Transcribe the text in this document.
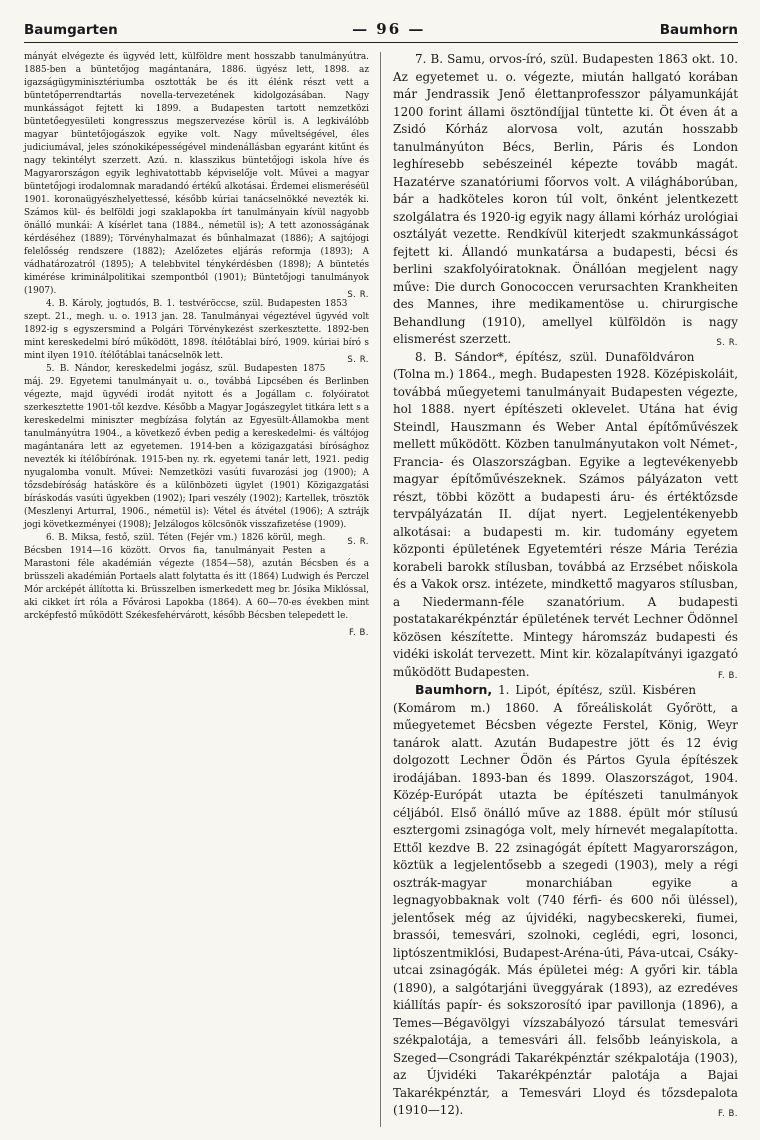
Baumgarten	— 96 —	Baumhorn

mányát elvégezte és ügyvéd lett, külföldre ment hosszabb tanulmányútra. 1885-ben a büntetőjog magántanára, 1886. ügyész lett, 1898. az igazságügyminisztériumba osztották be és itt élénk részt vett a büntetőperrendtartás novella-tervezetének kidolgozásában. Nagy munkásságot fejtett ki 1899. a Budapesten tartott nemzetközi büntetőegyesületi kongresszus megszervezése körül is. A legkiválóbb magyar büntetőjogászok egyike volt. Nagy műveltségével, éles judiciumával, jeles szónokiképességével mindenállásban egyaránt kitűnt és nagy tekintélyt szerzett. Azú. n. klasszikus büntetőjogi iskola híve és Magyarországon egyik leghivatottabb képviselője volt. Művei a magyar büntetőjogi irodalomnak maradandó értékű alkotásai. Érdemei elismeréséül 1901. koronaügyészhelyettessé, később kúriai tanácselnökké nevezték ki. Számos kül- és belföldi jogi szaklapokba írt tanulmányain kívül nagyobb önálló munkái: A kísérlet tana (1884., németül is); A tett azonosságának kérdéséhez (1889); Törvényhalmazat és bűnhalmazat (1886); A sajtójogi felelősség rendszere (1882); Azelőzetes eljárás reformja (1893); A vádhatározatról (1895); A telebbvitel ténykérdésben (1898); A büntetés kimérése kriminálpolitikai szempontból (1901); Büntetőjogi tanulmányok (1907).	S. R.

4. B. Károly, jogtudós, B. 1. testvéröccse, szül. Budapesten 1853 szept. 21., megh. u. o. 1913 jan. 28. Tanulmányai végeztével ügyvéd volt 1892-ig s egyszersmind a Polgári Törvénykezést szerkesztette. 1892-ben mint kereskedelmi bíró működött, 1898. ítélőtáblai bíró, 1909. kúriai bíró s mint ilyen 1910. ítélőtáblai tanácselnök lett.	S. R.

5. B. Nándor, kereskedelmi jogász, szül. Budapesten 1875 máj. 29. Egyetemi tanulmányait u. o., továbbá Lipcsében és Berlinben végezte, majd ügyvédi irodát nyitott és a Jogállam c. folyóiratot szerkesztette 1901-től kezdve. Később a Magyar Jogászegylet titkára lett s a kereskedelmi miniszter megbízása folytán az Egyesült-Államokba ment tanulmányútra 1904., a következő évben pedig a kereskedelmi- és váltójog magántanára lett az egyetemen. 1914-ben a közigazgatási bírósághoz nevezték ki ítélőbírónak. 1915-ben ny. rk. egyetemi tanár lett, 1921. pedig nyugalomba vonult. Művei: Nemzetközi vasúti fuvarozási jog (1900); A tőzsdebíróság hatásköre és a különbözeti ügylet (1901) Közigazgatási bíráskodás vasúti ügyekben (1902); Ipari veszély (1902); Kartellek, trösztök (Meszlenyi Arturral, 1906., németül is): Vétel és átvétel (1906); A sztrájk jogi következményei (1908); Jelzálogos kölcsönök visszafizetése (1909).
S. R.

6. B. Miksa, festő, szül. Téten (Fejér vm.) 1826 körül, megh. Bécsben 1914—16 között. Orvos fia, tanulmányait Pesten a Marastoni féle akadémián végezte (1854—58), azután Bécsben és a brüsszeli akadémián Portaels alatt folytatta és itt (1864) Ludwigh és Perczel Mór arcképét állította ki. Brüsszelben ismerkedett meg br. Jósika Miklóssal, aki cikket írt róla a Fővárosi Lapokba (1864). A 60—70-es években mint arcképfestő működött Székesfehérvárott, később Bécsben telepedett le.
F. B.

7. B. Samu, orvos-író, szül. Budapesten 1863 okt. 10. Az egyetemet u. o. végezte, miután hallgató korában már Jendrassik Jenő élettanprofesszor pályamunkáját 1200 forint állami ösztöndíjjal tüntette ki. Öt éven át a Zsidó Kórház alorvosa volt, azután hosszabb tanulmányúton Bécs, Berlin, Páris és London leghíresebb sebészeinél képezte tovább magát. Hazatérve szanatóriumi főorvos volt. A világháborúban, bár a hadköteles koron túl volt, önként jelentkezett szolgálatra és 1920-ig egyik nagy állami kórház urológiai osztályát vezette. Rendkívül kiterjedt szakmunkásságot fejtett ki. Állandó munkatársa a budapesti, bécsi és berlini szakfolyóiratoknak. Önállóan megjelent nagy műve: Die durch Gonococcen verursachten Krankheiten des Mannes, ihre medikamentöse u. chirurgische Behandlung (1910), amellyel külföldön is nagy elismerést szerzett.	S. R.

8. B. Sándor*, építész, szül. Dunaföldváron (Tolna m.) 1864., megh. Budapesten 1928. Középiskoláit, továbbá műegyetemi tanulmányait Budapesten végezte, hol 1888. nyert építészeti oklevelet. Utána hat évig Steindl, Hauszmann és Weber Antal építőművészek mellett működött. Közben tanulmányutakon volt Német-, Francia- és Olaszországban. Egyike a legtevékenyebb magyar építőművészeknek. Számos pályázaton vett részt, többi között a budapesti áru- és értéktőzsde tervpályázatán II. díjat nyert. Legjelentékenyebb alkotásai: a budapesti m. kir. tudomány egyetem központi épületének Egyetemtéri része Mária Terézia korabeli barokk stílusban, továbbá az Erzsébet nőiskola és a Vakok orsz. intézete, mindkettő magyaros stílusban, a Niedermann-féle szanatórium. A budapesti postatakarékpénztár épületének tervét Lechner Ödönnel közösen készítette. Mintegy háromszáz budapesti és vidéki iskolát tervezett. Mint kir. közalapítványi igazgató működött Budapesten.	F. B.

Baumhorn, 1. Lipót, építész, szül. Kisbéren (Komárom m.) 1860. A főreáliskolát Győrött, a műegyetemet Bécsben végezte Ferstel, König, Weyr tanárok alatt. Azután Budapestre jött és 12 évig dolgozott Lechner Ödön és Pártos Gyula építészek irodájában. 1893-ban és 1899. Olaszországot, 1904. Közép-Európát utazta be építészeti tanulmányok céljából. Első önálló műve az 1888. épült mór stílusú esztergomi zsinagóga volt, mely hírnevét megalapította. Ettől kezdve B. 22 zsinagógát épített Magyarországon, köztük a legjelentősebb a szegedi (1903), mely a régi osztrák-magyar monarchiában egyike a legnagyobbaknak volt (740 férfi- és 600 női üléssel), jelentősek még az újvidéki, nagybecskereki, fiumei, brassói, temesvári, szolnoki, ceglédi, egri, losonci, liptószentmiklósi, Budapest-Aréna-úti, Páva-utcai, Csáky-utcai zsinagógák. Más épületei még: A győri kir. tábla (1890), a salgótarjáni üveggyárak (1893), az ezredéves kiállítás papír- és sokszorosító ipar pavillonja (1896), a Temes—Bégavölgyi vízszabályozó társulat temesvári székpalotája, a temesvári áll. felsőbb leányiskola, a Szeged—Csongrádi Takarékpénztár székpalotája (1903), az Újvidéki Takarékpénztár palotája a Bajai Takarékpénztár, a Temesvári Lloyd és tőzsdepalota (1910—12).	F. B.
